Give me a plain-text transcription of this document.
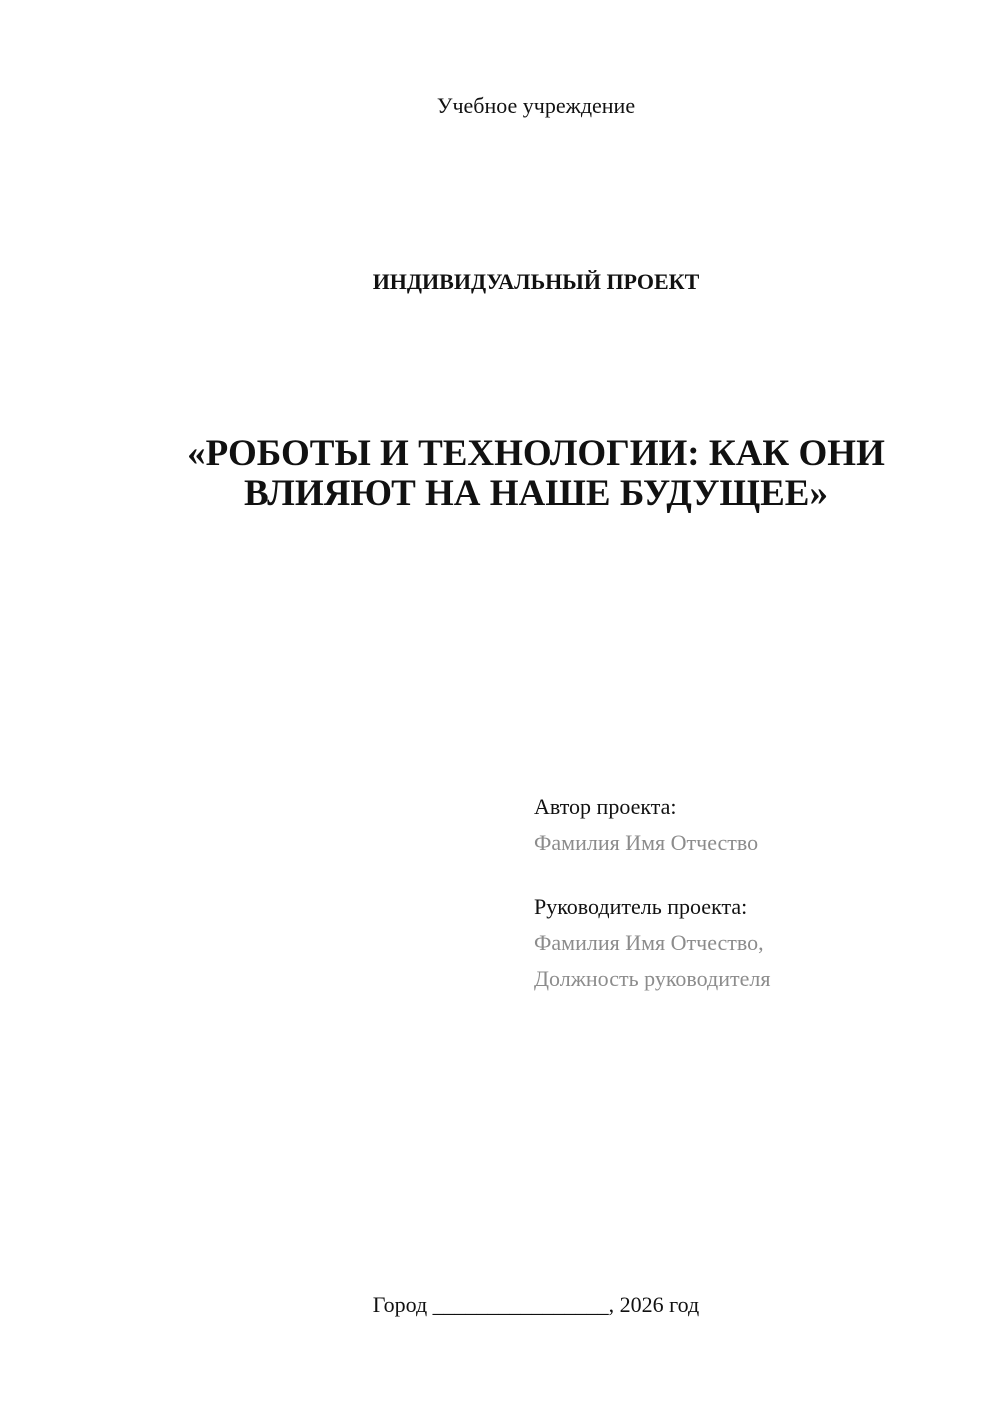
Учебное учреждение
ИНДИВИДУАЛЬНЫЙ ПРОЕКТ
«РОБОТЫ И ТЕХНОЛОГИИ: КАК ОНИ
ВЛИЯЮТ НА НАШЕ БУДУЩЕЕ»
Автор проекта:
Фамилия Имя Отчество
Руководитель проекта:
Фамилия Имя Отчество,
Должность руководителя
Город ________________, 2026 год
